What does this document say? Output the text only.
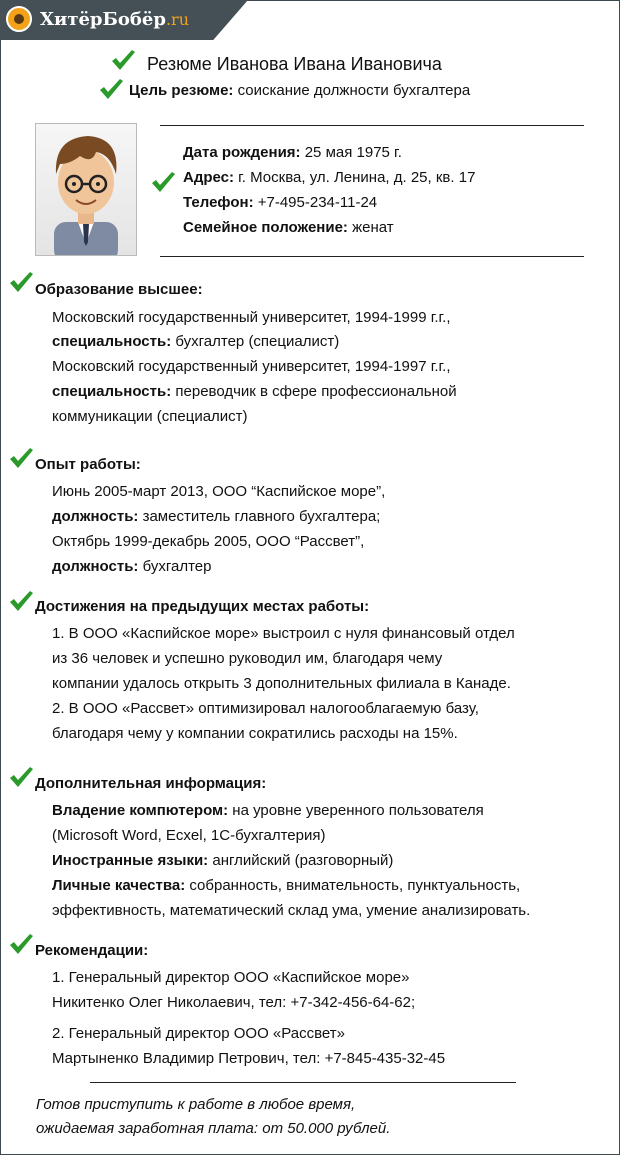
ХитёрБобёр.ru
Резюме Иванова Ивана Ивановича
Цель резюме: соискание должности бухгалтера
Дата рождения: 25 мая 1975 г.
Адрес: г. Москва, ул. Ленина, д. 25, кв. 17
Телефон: +7-495-234-11-24
Семейное положение: женат
Образование высшее:
Московский государственный университет, 1994-1999 г.г.,
специальность: бухгалтер (специалист)
Московский государственный университет, 1994-1997 г.г.,
специальность: переводчик в сфере профессиональной
коммуникации (специалист)
Опыт работы:
Июнь 2005-март 2013, ООО “Каспийское море”,
должность: заместитель главного бухгалтера;
Октябрь 1999-декабрь 2005, ООО “Рассвет”,
должность: бухгалтер
Достижения на предыдущих местах работы:
1. В ООО «Каспийское море» выстроил с нуля финансовый отдел
из 36 человек и успешно руководил им, благодаря чему
компании удалось открыть 3 дополнительных филиала в Канаде.
2. В ООО «Рассвет» оптимизировал налогооблагаемую базу,
благодаря чему у компании сократились расходы на 15%.
Дополнительная информация:
Владение компютером: на уровне уверенного пользователя
(Microsoft Word, Ecxel, 1С-бухгалтерия)
Иностранные языки: английский (разговорный)
Личные качества: собранность, внимательность, пунктуальность,
эффективность, математический склад ума, умение анализировать.
Рекомендации:
1. Генеральный директор ООО «Каспийское море»
Никитенко Олег Николаевич, тел: +7-342-456-64-62;
2. Генеральный директор ООО «Рассвет»
Мартыненко Владимир Петрович, тел: +7-845-435-32-45
Готов приступить к работе в любое время,
ожидаемая заработная плата: от 50.000 рублей.
